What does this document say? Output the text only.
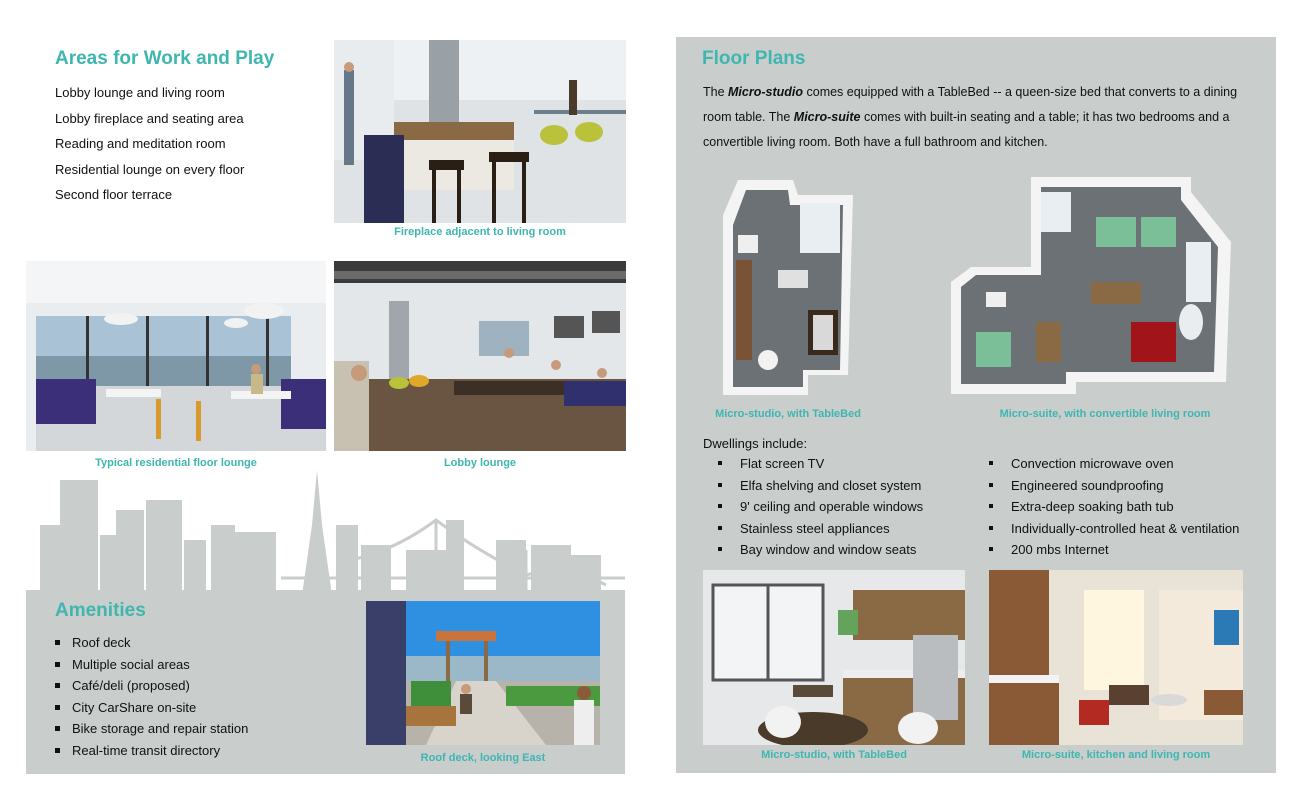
Areas for Work and Play
Lobby lounge and living room
Lobby fireplace and seating area
Reading and meditation room
Residential lounge on every floor
Second floor terrace
Fireplace adjacent to living room
Typical residential floor lounge	Lobby lounge
Amenities
Roof deck
Multiple social areas
Café/deli (proposed)
City CarShare on-site
Bike storage and repair station
Real-time transit directory
Roof deck, looking East
Floor Plans
The Micro-studio comes equipped with a TableBed -- a queen-size bed that converts to a dining room table. The Micro-suite comes with built-in seating and a table; it has two bedrooms and a convertible living room. Both have a full bathroom and kitchen.
Micro-studio, with TableBed	Micro-suite, with convertible living room
Dwellings include:
Flat screen TV
Elfa shelving and closet system
9' ceiling and operable windows
Stainless steel appliances
Bay window and window seats
Convection microwave oven
Engineered soundproofing
Extra-deep soaking bath tub
Individually-controlled heat & ventilation
200 mbs Internet
Micro-studio, with TableBed	Micro-suite, kitchen and living room
